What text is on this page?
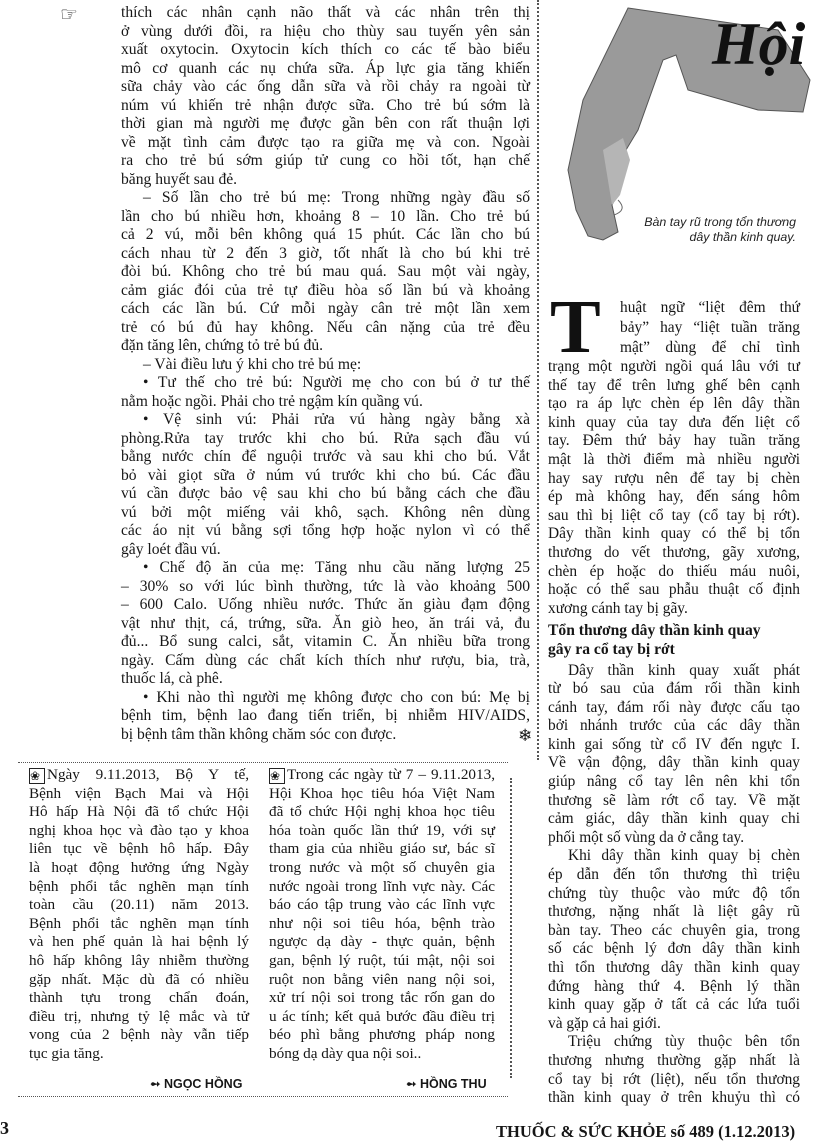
Hội
Bàn tay rũ trong tổn thương
dây thần kinh quay.
☞	thích các nhân cạnh não thất và các nhân trên thị
ở vùng dưới đồi, ra hiệu cho thùy sau tuyến yên sản
xuất oxytocin. Oxytocin kích thích co các tế bào biểu
mô cơ quanh các nụ chứa sữa. Áp lực gia tăng khiến
sữa chảy vào các ống dẫn sữa và rồi chảy ra ngoài từ
núm vú khiến trẻ nhận được sữa. Cho trẻ bú sớm là
thời gian mà người mẹ được gần bên con rất thuận lợi
về mặt tình cảm được tạo ra giữa mẹ và con. Ngoài
ra cho trẻ bú sớm giúp tử cung co hồi tốt, hạn chế
băng huyết sau đẻ.
– Số lần cho trẻ bú mẹ: Trong những ngày đầu số
lần cho bú nhiều hơn, khoảng 8 – 10 lần. Cho trẻ bú
cả 2 vú, mỗi bên không quá 15 phút. Các lần cho bú
cách nhau từ 2 đến 3 giờ, tốt nhất là cho bú khi trẻ
đòi bú. Không cho trẻ bú mau quá. Sau một vài ngày,
cảm giác đói của trẻ tự điều hòa số lần bú và khoảng
cách các lần bú. Cứ mỗi ngày cân trẻ một lần xem
trẻ có bú đủ hay không. Nếu cân nặng của trẻ đều
đặn tăng lên, chứng tỏ trẻ bú đủ.
– Vài điều lưu ý khi cho trẻ bú mẹ:
• Tư thế cho trẻ bú: Người mẹ cho con bú ở tư thế
nằm hoặc ngồi. Phải cho trẻ ngậm kín quầng vú.
• Vệ sinh vú: Phải rửa vú hàng ngày bằng xà
phòng.Rửa tay trước khi cho bú. Rửa sạch đầu vú
bằng nước chín để nguội trước và sau khi cho bú. Vắt
bỏ vài giọt sữa ở núm vú trước khi cho bú. Các đầu
vú cần được bảo vệ sau khi cho bú bằng cách che đầu
vú bởi một miếng vải khô, sạch. Không nên dùng
các áo nịt vú bằng sợi tổng hợp hoặc nylon vì có thể
gây loét đầu vú.
• Chế độ ăn của mẹ: Tăng nhu cầu năng lượng 25
– 30% so với lúc bình thường, tức là vào khoảng 500
– 600 Calo. Uống nhiều nước. Thức ăn giàu đạm động
vật như thịt, cá, trứng, sữa. Ăn giò heo, ăn trái vả, đu
đủ... Bổ sung calci, sắt, vitamin C. Ăn nhiều bữa trong
ngày. Cấm dùng các chất kích thích như rượu, bia, trà,
thuốc lá, cà phê.
• Khi nào thì người mẹ không được cho con bú: Mẹ bị
bệnh tim, bệnh lao đang tiến triển, bị nhiễm HIV/AIDS,
bị bệnh tâm thần không chăm sóc con được.	❄
T huật ngữ “liệt đêm thứ
bảy” hay “liệt tuần trăng
mật” dùng để chỉ tình
trạng một người ngồi quá lâu với tư
thế tay để trên lưng ghế bên cạnh
tạo ra áp lực chèn ép lên dây thần
kinh quay của tay dưa đến liệt cổ
tay. Đêm thứ bảy hay tuần trăng
mật là thời điểm mà nhiều người
hay say rượu nên để tay bị chèn
ép mà không hay, đến sáng hôm
sau thì bị liệt cổ tay (cổ tay bị rớt).
Dây thần kinh quay có thể bị tổn
thương do vết thương, gãy xương,
chèn ép hoặc do thiếu máu nuôi,
hoặc có thể sau phẫu thuật cố định
xương cánh tay bị gãy.
Tổn thương dây thần kinh quay
gây ra cổ tay bị rớt
Dây thần kinh quay xuất phát
từ bó sau của đám rối thần kinh
cánh tay, đám rối này được cấu tạo
bởi nhánh trước của các dây thần
kinh gai sống từ cổ IV đến ngực I.
Về vận động, dây thần kinh quay
giúp nâng cổ tay lên nên khi tổn
thương sẽ làm rớt cổ tay. Về mặt
cảm giác, dây thần kinh quay chi
phối một số vùng da ở cẳng tay.
Khi dây thần kinh quay bị chèn
ép dẫn đến tổn thương thì triệu
chứng tùy thuộc vào mức độ tổn
thương, nặng nhất là liệt gây rũ
bàn tay. Theo các chuyên gia, trong
số các bệnh lý đơn dây thần kinh
thì tổn thương dây thần kinh quay
đứng hàng thứ 4. Bệnh lý thần
kinh quay gặp ở tất cả các lứa tuổi
và gặp cả hai giới.
Triệu chứng tùy thuộc bên tổn
thương nhưng thường gặp nhất là
cổ tay bị rớt (liệt), nếu tổn thương
thần kinh quay ở trên khuỷu thì có
❀ Ngày 9.11.2013, Bộ Y tế,
Bệnh viện Bạch Mai và Hội
Hô hấp Hà Nội đã tổ chức Hội
nghị khoa học và đào tạo y khoa
liên tục về bệnh hô hấp. Đây
là hoạt động hưởng ứng Ngày
bệnh phổi tắc nghẽn mạn tính
toàn cầu (20.11) năm 2013.
Bệnh phổi tắc nghẽn mạn tính
và hen phế quản là hai bệnh lý
hô hấp không lây nhiễm thường
gặp nhất. Mặc dù đã có nhiều
thành tựu trong chẩn đoán,
điều trị, nhưng tỷ lệ mắc và tử
vong của 2 bệnh này vẫn tiếp
tục gia tăng.
❀ Trong các ngày từ 7 – 9.11.2013,
Hội Khoa học tiêu hóa Việt Nam
đã tổ chức Hội nghị khoa học tiêu
hóa toàn quốc lần thứ 19, với sự
tham gia của nhiều giáo sư, bác sĩ
trong nước và một số chuyên gia
nước ngoài trong lĩnh vực này. Các
báo cáo tập trung vào các lĩnh vực
như nội soi tiêu hóa, bệnh trào
ngược dạ dày - thực quản, bệnh
gan, bệnh lý ruột, túi mật, nội soi
ruột non bằng viên nang nội soi,
xử trí nội soi trong tắc rốn gan do
u ác tính; kết quả bước đầu điều trị
béo phì bằng phương pháp nong
bóng dạ dày qua nội soi..
➻ NGỌC HỒNG	➻ HỒNG THU
3	THUỐC & SỨC KHỎE số 489 (1.12.2013)
